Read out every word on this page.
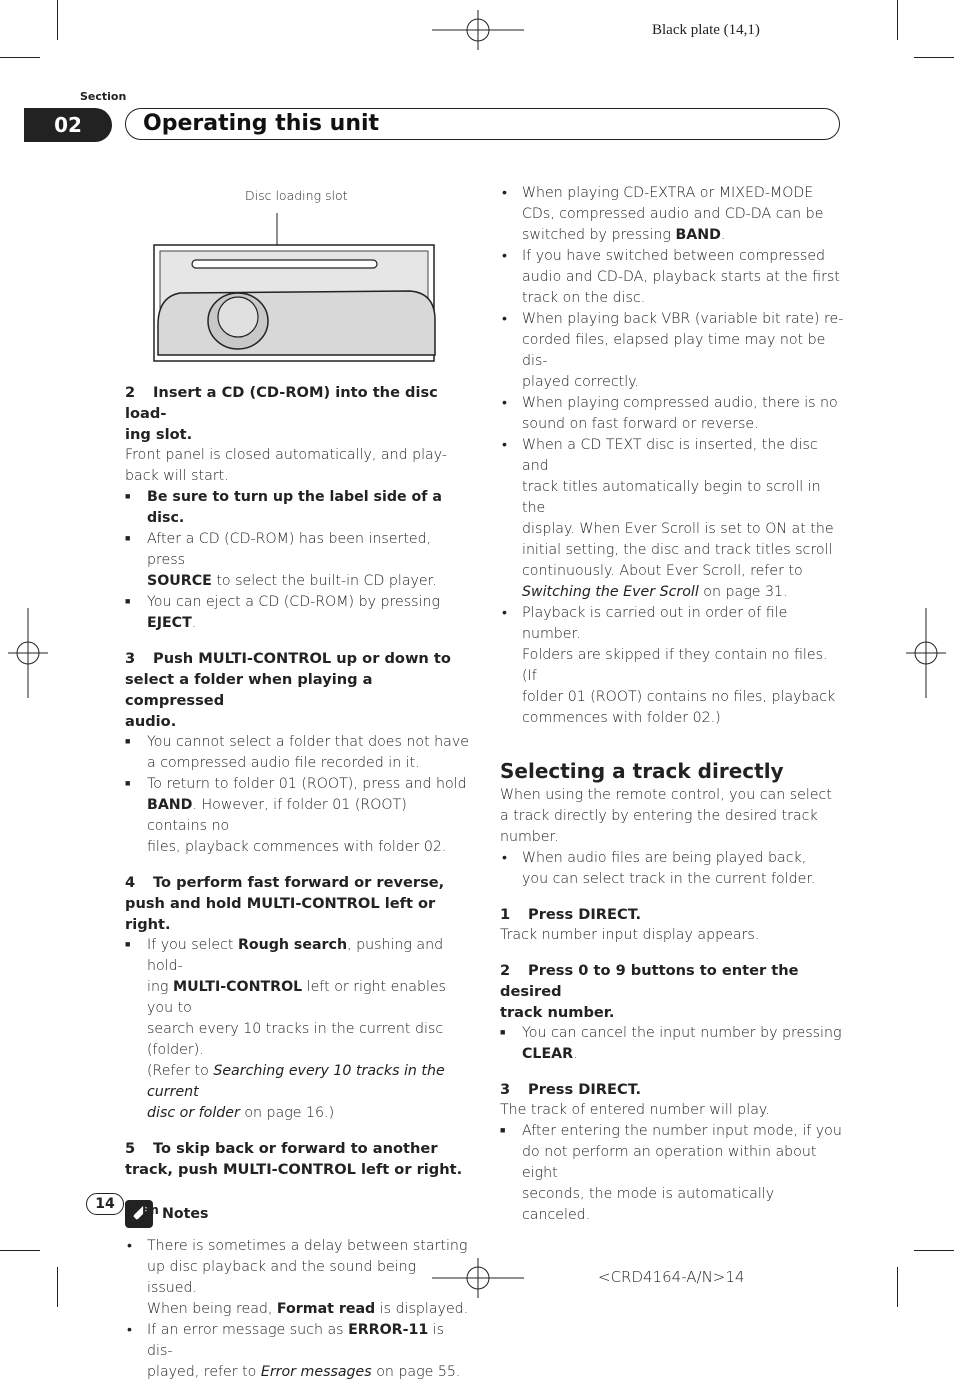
Black plate (14,1)
Section
02	Operating this unit
Disc loading slot

2 Insert a CD (CD-ROM) into the disc load-
ing slot.

Front panel is closed automatically, and play-
back will start.

■ Be sure to turn up the label side of a disc.

■ After a CD (CD-ROM) has been inserted, press
SOURCE to select the built-in CD player.

■ You can eject a CD (CD-ROM) by pressing
EJECT.

3 Push MULTI-CONTROL up or down to
select a folder when playing a compressed
audio.

■ You cannot select a folder that does not have
a compressed audio file recorded in it.

■ To return to folder 01 (ROOT), press and hold
BAND. However, if folder 01 (ROOT) contains no
files, playback commences with folder 02.

4 To perform fast forward or reverse,
push and hold MULTI-CONTROL left or
right.

■ If you select Rough search, pushing and hold-
ing MULTI-CONTROL left or right enables you to
search every 10 tracks in the current disc (folder).
(Refer to Searching every 10 tracks in the current
disc or folder on page 16.)

5 To skip back or forward to another
track, push MULTI-CONTROL left or right.

Notes

• There is sometimes a delay between starting
up disc playback and the sound being issued.
When being read, Format read is displayed.

• If an error message such as ERROR-11 is dis-
played, refer to Error messages on page 55.

• When playing CD-EXTRA or MIXED-MODE
CDs, compressed audio and CD-DA can be
switched by pressing BAND.

• If you have switched between compressed
audio and CD-DA, playback starts at the first
track on the disc.

• When playing back VBR (variable bit rate) re-
corded files, elapsed play time may not be dis-
played correctly.

• When playing compressed audio, there is no
sound on fast forward or reverse.

• When a CD TEXT disc is inserted, the disc and
track titles automatically begin to scroll in the
display. When Ever Scroll is set to ON at the
initial setting, the disc and track titles scroll
continuously. About Ever Scroll, refer to
Switching the Ever Scroll on page 31.

• Playback is carried out in order of file number.
Folders are skipped if they contain no files. (If
folder 01 (ROOT) contains no files, playback
commences with folder 02.)

Selecting a track directly

When using the remote control, you can select
a track directly by entering the desired track
number.

• When audio files are being played back,
you can select track in the current folder.

1 Press DIRECT.

Track number input display appears.

2 Press 0 to 9 buttons to enter the desired
track number.

■ You can cancel the input number by pressing
CLEAR.

3 Press DIRECT.

The track of entered number will play.

■ After entering the number input mode, if you
do not perform an operation within about eight
seconds, the mode is automatically canceled.

14	En
<CRD4164-A/N>14
